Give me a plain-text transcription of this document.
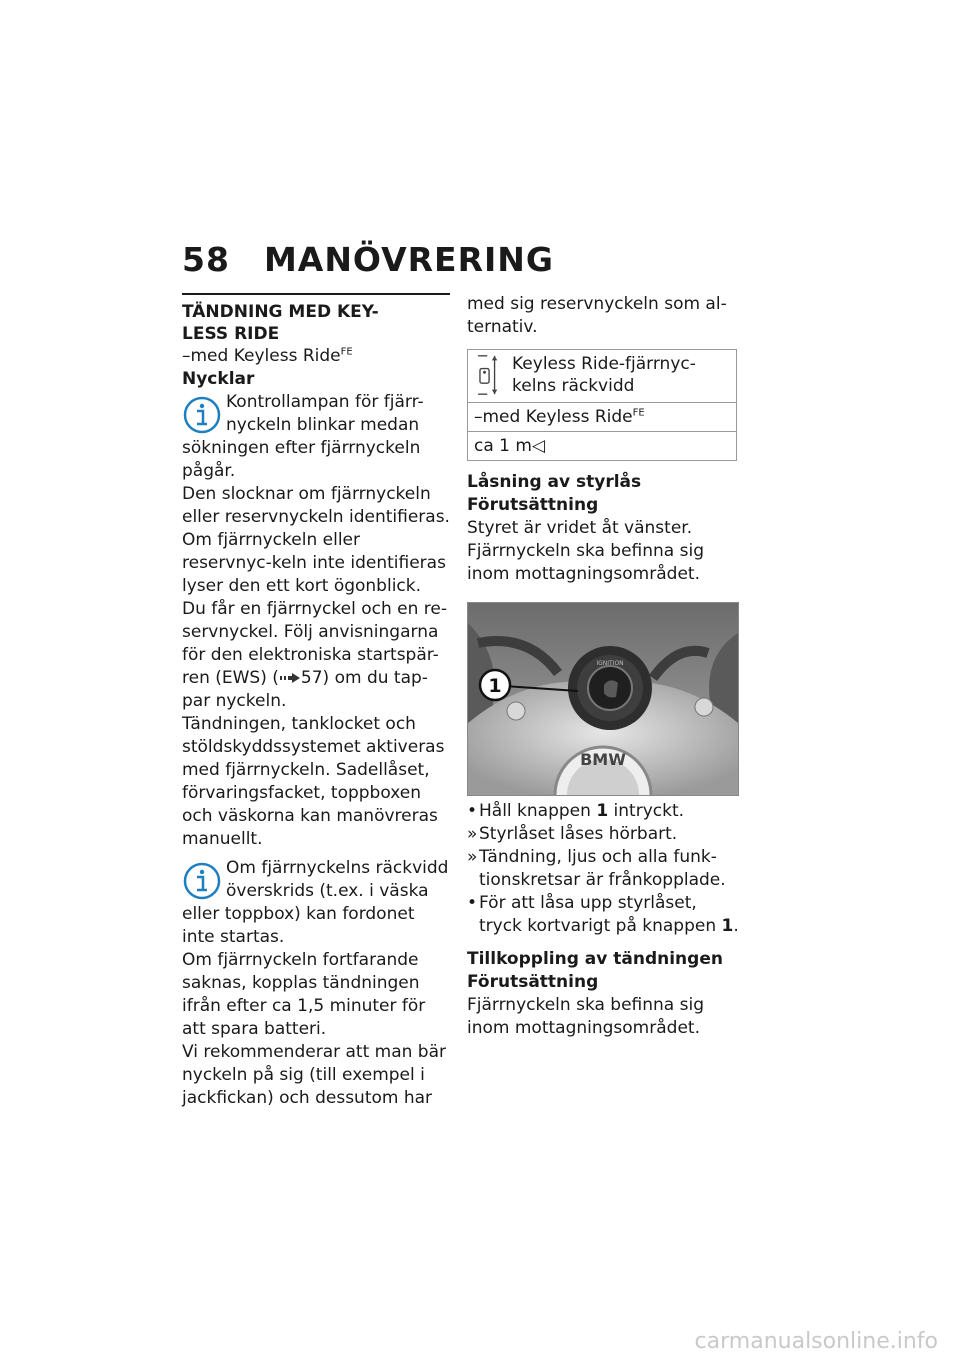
58 MANÖVRERING
TÄNDNING MED KEY-LESS RIDE

–med Keyless Ride$^{FE}$

Nycklar

Kontrollampan för fjärr-

nyckeln blinkar medan

sökningen efter fjärrnyckeln pågår.

Den slocknar om fjärrnyckeln eller reservnyckeln identifieras. Om fjärrnyckeln eller reservnyc-keln inte identifieras lyser den ett kort ögonblick.

Du får en fjärrnyckel och en re-servnyckel. Följ anvisningarna för den elektroniska startspär-ren (EWS) ( 57) om du tap-par nyckeln.

Tändningen, tanklocket och stöldskyddssystemet aktiveras med fjärrnyckeln. Sadellåset, förvaringsfacket, toppboxen och väskorna kan manövreras manuellt.

Om fjärrnyckelns räckvidd

överskrids (t.ex. i väska

eller toppbox) kan fordonet inte startas.

Om fjärrnyckeln fortfarande saknas, kopplas tändningen ifrån efter ca 1,5 minuter för att spara batteri.

Vi rekommenderar att man bär nyckeln på sig (till exempel i jackfickan) och dessutom har

med sig reservnyckeln som al-ternativ.

Keyless Ride-fjärrnyc-kelns räckvidd
–med Keyless Ride$^{FE}$
ca 1 m◁

Låsning av styrlås

Förutsättning

Styret är vridet åt vänster. Fjärrnyckeln ska befinna sig inom mottagningsområdet.

IGNITION
BMW
1
• Håll knappen 1 intryckt.
» Styrlåset låses hörbart.
» Tändning, ljus och alla funk-tionskretsar är frånkopplade.
• För att låsa upp styrlåset, tryck kortvarigt på knappen 1.

Tillkoppling av tändningen

Förutsättning

Fjärrnyckeln ska befinna sig inom mottagningsområdet.

carmanualsonline.info
